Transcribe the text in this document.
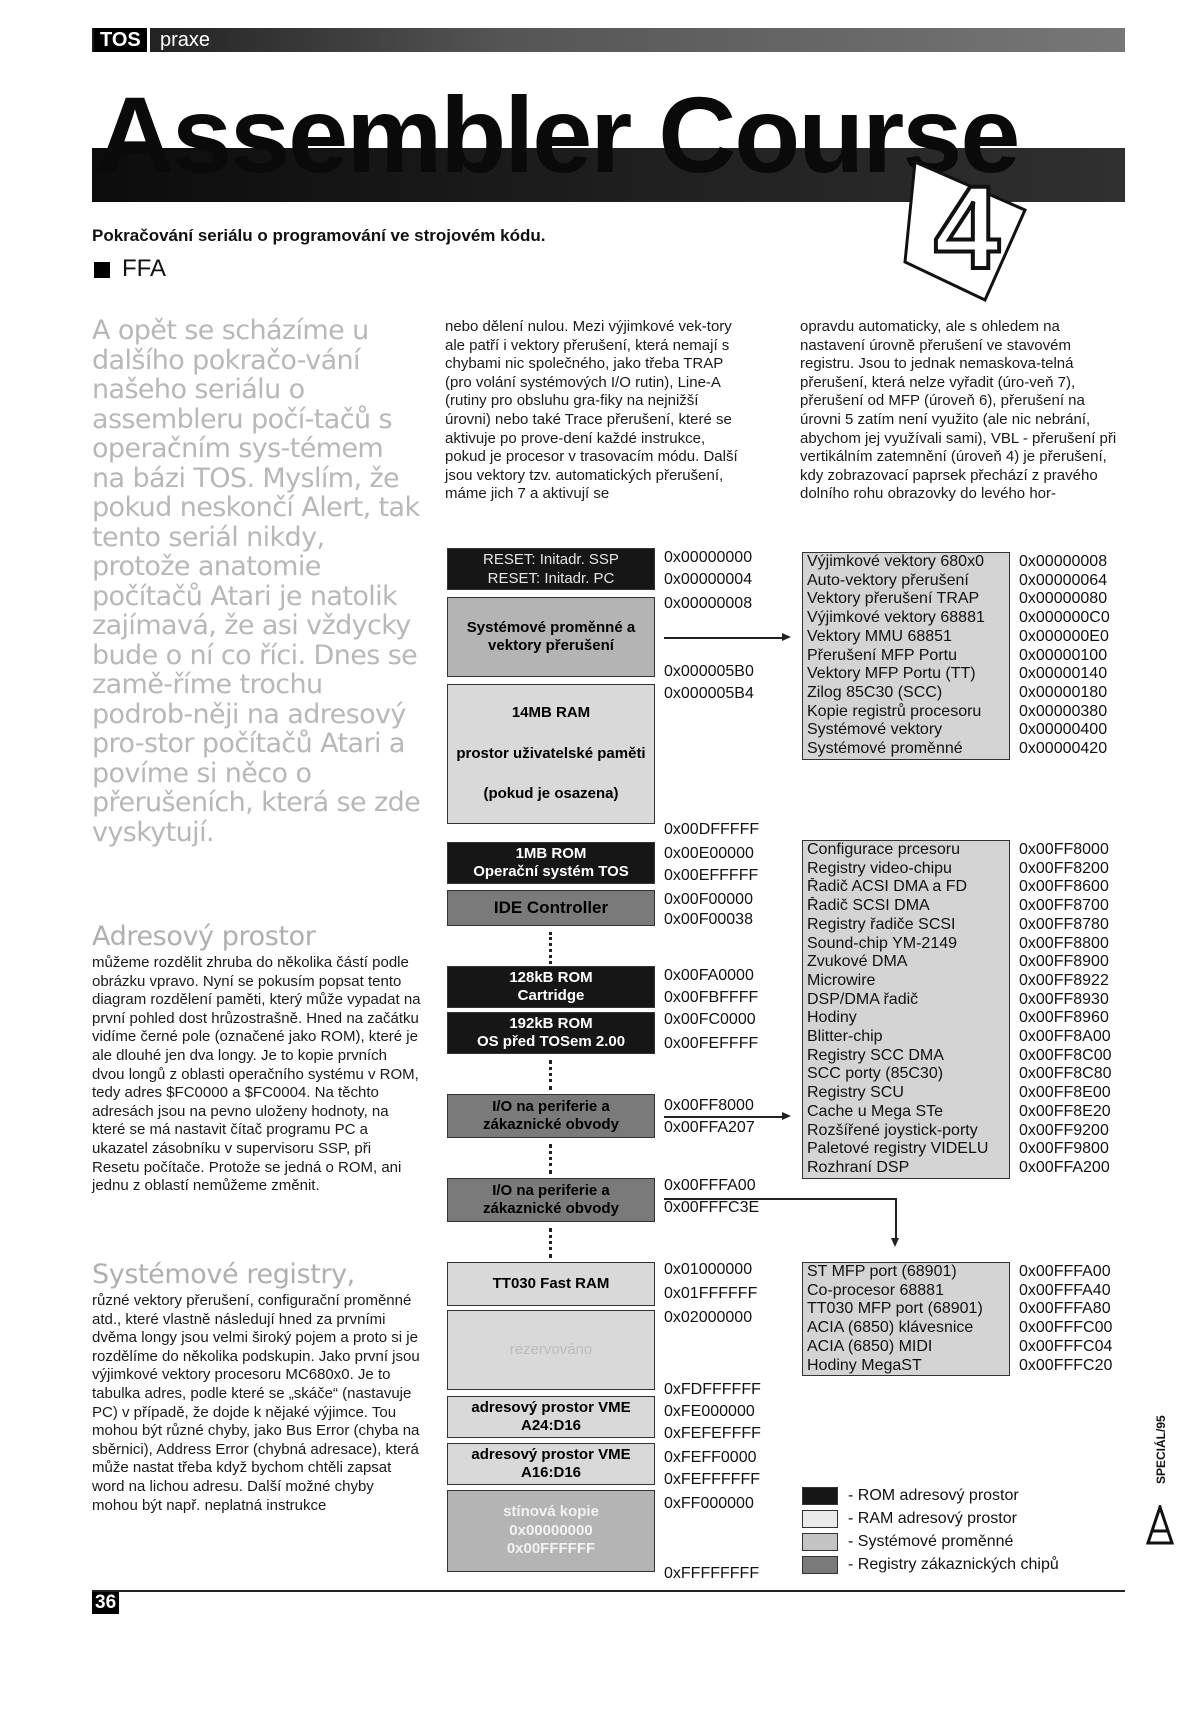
TOS praxe
Assembler Course
4
Pokračování seriálu o programování ve strojovém kódu.
FFA
A opět se scházíme u dalšího pokračo-vání našeho seriálu o assembleru počí-tačů s operačním sys-témem na bázi TOS. Myslím, že pokud neskončí Alert, tak tento seriál nikdy, protože anatomie počítačů Atari je natolik zajímavá, že asi vždycky bude o ní co říci. Dnes se zamě-říme trochu podrob-něji na adresový pro-stor počítačů Atari a povíme si něco o přerušeních, která se zde vyskytují.
Adresový prostor
můžeme rozdělit zhruba do několika částí podle obrázku vpravo. Nyní se pokusím popsat tento diagram rozdělení paměti, který může vypadat na první pohled dost hrůzostrašně. Hned na začátku vidíme černé pole (označené jako ROM), které je ale dlouhé jen dva longy. Je to kopie prvních dvou longů z oblasti operačního systému v ROM, tedy adres $FC0000 a $FC0004. Na těchto adresách jsou na pevno uloženy hodnoty, na které se má nastavit čítač programu PC a ukazatel zásobníku v supervisoru SSP, při Resetu počítače. Protože se jedná o ROM, ani jednu z oblastí nemůžeme změnit.
Systémové registry,
různé vektory přerušení, configurační proměnné atd., které vlastně následují hned za prvními dvěma longy jsou velmi široký pojem a proto si je rozdělíme do několika podskupin. Jako první jsou výjimkové vektory procesoru MC680x0. Je to tabulka adres, podle které se „skáče“ (nastavuje PC) v případě, že dojde k nějaké výjimce. Tou mohou být různé chyby, jako Bus Error (chyba na sběrnici), Address Error (chybná adresace), která může nastat třeba když bychom chtěli zapsat word na lichou adresu. Další možné chyby mohou být např. neplatná instrukce
nebo dělení nulou. Mezi výjimkové vek-tory ale patří i vektory přerušení, která nemají s chybami nic společného, jako třeba TRAP (pro volání systémových I/O rutin), Line-A (rutiny pro obsluhu gra-fiky na nejnižší úrovni) nebo také Trace přerušení, které se aktivuje po prove-dení každé instrukce, pokud je procesor v trasovacím módu. Další jsou vektory tzv. automatických přerušení, máme jich 7 a aktivují se
opravdu automaticky, ale s ohledem na nastavení úrovně přerušení ve stavovém registru. Jsou to jednak nemaskova-telná přerušení, která nelze vyřadit (úro-veň 7), přerušení od MFP (úroveň 6), přerušení na úrovni 5 zatím není využito (ale nic nebrání, abychom jej využívali sami), VBL - přerušení při vertikálním zatemnění (úroveň 4) je přerušení, kdy zobrazovací paprsek přechází z pravého dolního rohu obrazovky do levého hor-
RESET: Initadr. SSP
RESET: Initadr. PC
Systémové proměnné a vektory přerušení
14MB RAM
prostor uživatelské paměti
(pokud je osazena)
1MB ROM
Operační systém TOS
IDE Controller
128kB ROM
Cartridge
192kB ROM
OS před TOSem 2.00
I/O na periferie a
zákaznické obvody
I/O na periferie a
zákaznické obvody
TT030 Fast RAM
rezervováno
adresový prostor VME
A24:D16
adresový prostor VME
A16:D16
stínová kopie
0x00000000
0x00FFFFFF
0x00000000
0x00000004
0x00000008
0x000005B0
0x000005B4
0x00DFFFFF
0x00E00000
0x00EFFFFF
0x00F00000
0x00F00038
0x00FA0000
0x00FBFFFF
0x00FC0000
0x00FEFFFF
0x00FF8000
0x00FFA207
0x00FFFA00
0x00FFFC3E
0x01000000
0x01FFFFFF
0x02000000
0xFDFFFFFF
0xFE000000
0xFEFEFFFF
0xFEFF0000
0xFEFFFFFF
0xFF000000
0xFFFFFFFF
Výjimkové vektory 680x0
Auto-vektory přerušení
Vektory přerušení TRAP
Výjimkové vektory 68881
Vektory MMU 68851
Přerušení MFP Portu
Vektory MFP Portu (TT)
Zilog 85C30 (SCC)
Kopie registrů procesoru
Systémové vektory
Systémové proměnné
0x00000008
0x00000064
0x00000080
0x000000C0
0x000000E0
0x00000100
0x00000140
0x00000180
0x00000380
0x00000400
0x00000420
Configurace prcesoru
Registry video-chipu
Řadič ACSI DMA a FD
Řadič SCSI DMA
Registry řadiče SCSI
Sound-chip YM-2149
Zvukové DMA
Microwire
DSP/DMA řadič
Hodiny
Blitter-chip
Registry SCC DMA
SCC porty (85C30)
Registry SCU
Cache u Mega STe
Rozšířené joystick-porty
Paletové registry VIDELU
Rozhraní DSP
0x00FF8000
0x00FF8200
0x00FF8600
0x00FF8700
0x00FF8780
0x00FF8800
0x00FF8900
0x00FF8922
0x00FF8930
0x00FF8960
0x00FF8A00
0x00FF8C00
0x00FF8C80
0x00FF8E00
0x00FF8E20
0x00FF9200
0x00FF9800
0x00FFA200
ST MFP port (68901)
Co-procesor 68881
TT030 MFP port (68901)
ACIA (6850) klávesnice
ACIA (6850) MIDI
Hodiny MegaST
0x00FFFA00
0x00FFFA40
0x00FFFA80
0x00FFFC00
0x00FFFC04
0x00FFFC20
- ROM adresový prostor
- RAM adresový prostor
- Systémové proměnné
- Registry zákaznických chipů
36
SPECIÁL/95
